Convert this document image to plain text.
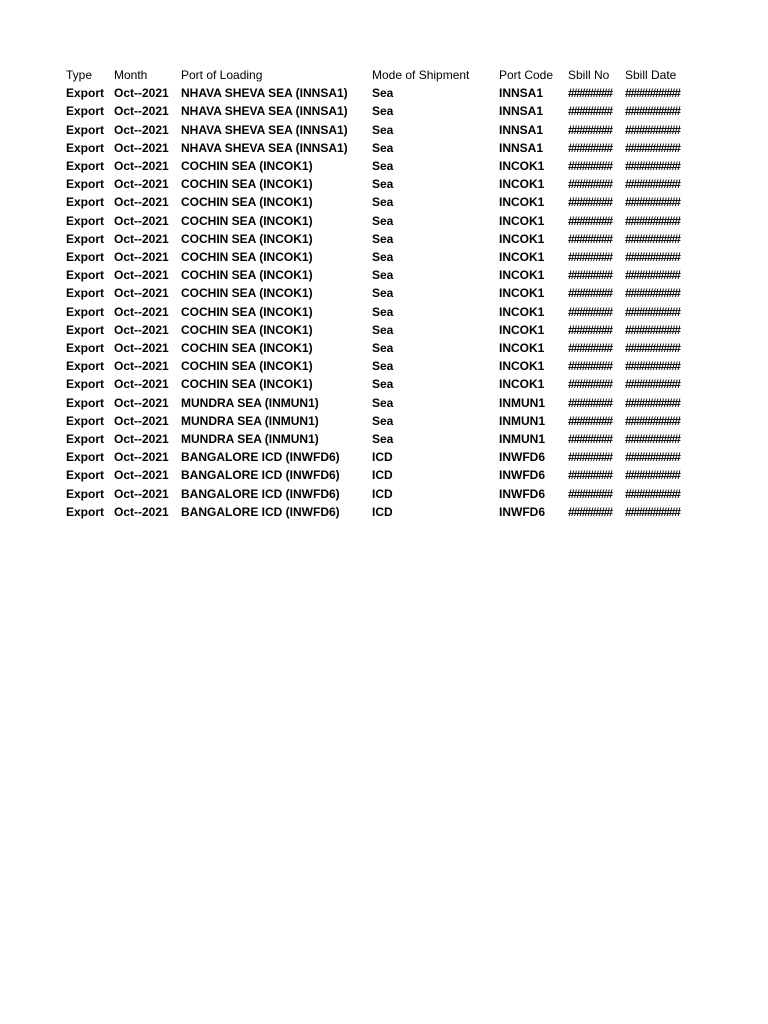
Type	Month	Port of Loading	Mode of Shipment	Port Code	Sbill No	Sbill Date
Export	Oct--2021	NHAVA SHEVA SEA (INNSA1)	Sea	INNSA1	########	##########
Export	Oct--2021	NHAVA SHEVA SEA (INNSA1)	Sea	INNSA1	########	##########
Export	Oct--2021	NHAVA SHEVA SEA (INNSA1)	Sea	INNSA1	########	##########
Export	Oct--2021	NHAVA SHEVA SEA (INNSA1)	Sea	INNSA1	########	##########
Export	Oct--2021	COCHIN SEA (INCOK1)	Sea	INCOK1	########	##########
Export	Oct--2021	COCHIN SEA (INCOK1)	Sea	INCOK1	########	##########
Export	Oct--2021	COCHIN SEA (INCOK1)	Sea	INCOK1	########	##########
Export	Oct--2021	COCHIN SEA (INCOK1)	Sea	INCOK1	########	##########
Export	Oct--2021	COCHIN SEA (INCOK1)	Sea	INCOK1	########	##########
Export	Oct--2021	COCHIN SEA (INCOK1)	Sea	INCOK1	########	##########
Export	Oct--2021	COCHIN SEA (INCOK1)	Sea	INCOK1	########	##########
Export	Oct--2021	COCHIN SEA (INCOK1)	Sea	INCOK1	########	##########
Export	Oct--2021	COCHIN SEA (INCOK1)	Sea	INCOK1	########	##########
Export	Oct--2021	COCHIN SEA (INCOK1)	Sea	INCOK1	########	##########
Export	Oct--2021	COCHIN SEA (INCOK1)	Sea	INCOK1	########	##########
Export	Oct--2021	COCHIN SEA (INCOK1)	Sea	INCOK1	########	##########
Export	Oct--2021	COCHIN SEA (INCOK1)	Sea	INCOK1	########	##########
Export	Oct--2021	MUNDRA SEA (INMUN1)	Sea	INMUN1	########	##########
Export	Oct--2021	MUNDRA SEA (INMUN1)	Sea	INMUN1	########	##########
Export	Oct--2021	MUNDRA SEA (INMUN1)	Sea	INMUN1	########	##########
Export	Oct--2021	BANGALORE ICD (INWFD6)	ICD	INWFD6	########	##########
Export	Oct--2021	BANGALORE ICD (INWFD6)	ICD	INWFD6	########	##########
Export	Oct--2021	BANGALORE ICD (INWFD6)	ICD	INWFD6	########	##########
Export	Oct--2021	BANGALORE ICD (INWFD6)	ICD	INWFD6	########	##########
